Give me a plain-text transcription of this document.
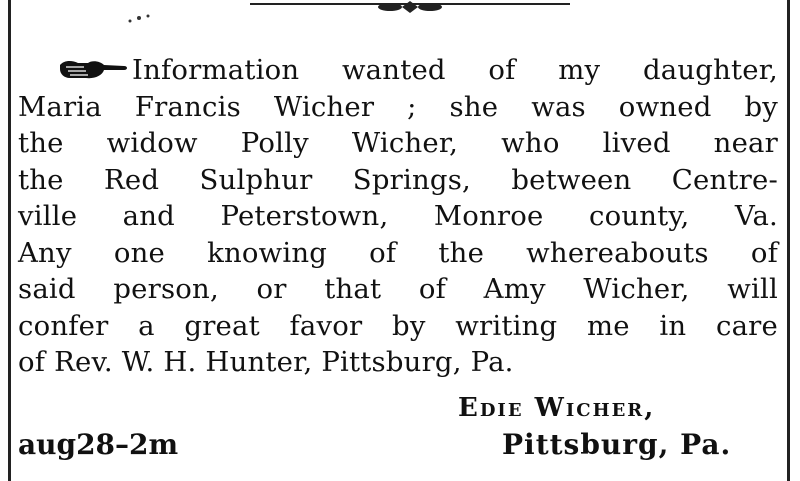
Information wanted of my daughter,
Maria Francis Wicher ; she was owned by
the widow Polly Wicher, who lived near
the Red Sulphur Springs, between Centre-
ville and Peterstown, Monroe county, Va.
Any one knowing of the whereabouts of
said person, or that of Amy Wicher, will
confer a great favor by writing me in care
of Rev. W. H. Hunter, Pittsburg, Pa.
Edie Wicher,
aug28–2m	Pittsburg, Pa.
